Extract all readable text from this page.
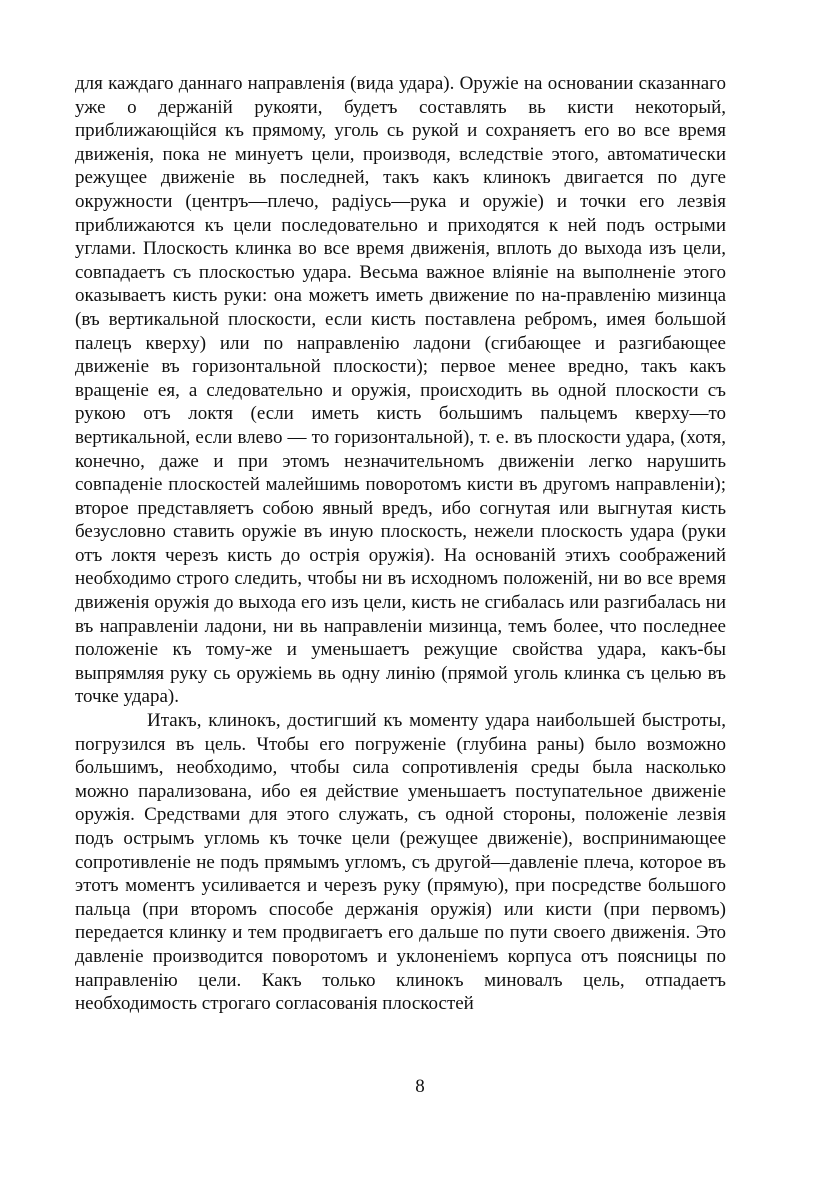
для каждаго даннаго направленія (вида удара). Оружіе на основании сказаннаго уже о держаній рукояти, будетъ составлять вь кисти некоторый, приближающійся къ прямому, уголь сь рукой и сохраняетъ его во все время движенія, пока не минуетъ цели, производя, вследствіе этого, автоматически режущее движеніе вь последней, такъ какъ клинокъ двигается по дуге окружности (центръ—плечо, радіусь—рука и оружіе) и точки его лезвія приближаются къ цели последовательно и приходятся к ней подъ острыми углами. Плоскость клинка во все время движенія, вплоть до выхода изъ цели, совпадаетъ съ плоскостью удара. Весьма важное вліяніе на выполненіе этого оказываетъ кисть руки: она можетъ иметь движение по на-правленію мизинца (въ вертикальной плоскости, если кисть поставлена ребромъ, имея большой палецъ кверху) или по направленію ладони (сгибающее и разгибающее движеніе въ горизонтальной плоскости); первое менее вредно, такъ какъ вращеніе ея, а следовательно и оружія, происходить вь одной плоскости съ рукою отъ локтя (если иметь кисть большимъ пальцемъ кверху—то вертикальной, если влево — то горизонтальной), т. е. въ плоскости удара, (хотя, конечно, даже и при этомъ незначительномъ движеніи легко нарушить совпаденіе плоскостей малейшимь поворотомъ кисти въ другомъ направленіи); второе представляетъ собою явный вредъ, ибо согнутая или выгнутая кисть безусловно ставить оружіе въ иную плоскость, нежели плоскость удара (руки отъ локтя черезъ кисть до острія оружія). На основаній этихъ соображений необходимо строго следить, чтобы ни въ исходномъ положеній, ни во все время движенія оружія до выхода его изъ цели, кисть не сгибалась или разгибалась ни въ направленіи ладони, ни вь направленіи мизинца, темъ более, что последнее положеніе къ тому-же и уменьшаетъ режущие свойства удара, какъ-бы выпрямляя руку сь оружіемь вь одну линію (прямой уголь клинка съ целью въ точке удара).

Итакъ, клинокъ, достигший къ моменту удара наибольшей быстроты, погрузился въ цель. Чтобы его погруженіе (глубина раны) было возможно большимъ, необходимо, чтобы сила сопротивленія среды была насколько можно парализована, ибо ея действие уменьшаетъ поступательное движеніе оружія. Средствами для этого служать, съ одной стороны, положеніе лезвія подъ острымъ угломь къ точке цели (режущее движеніе), воспринимающее сопротивленіе не подъ прямымъ угломъ, съ другой—давленіе плеча, которое въ этотъ моментъ усиливается и черезъ руку (прямую), при посредстве большого пальца (при второмъ способе держанія оружія) или кисти (при первомъ) передается клинку и тем продвигаетъ его дальше по пути своего движенія. Это давленіе производится поворотомъ и уклоненіемъ корпуса отъ поясницы по направленію цели. Какъ только клинокъ миновалъ цель, отпадаетъ необходимость строгаго согласованія плоскостей

8
